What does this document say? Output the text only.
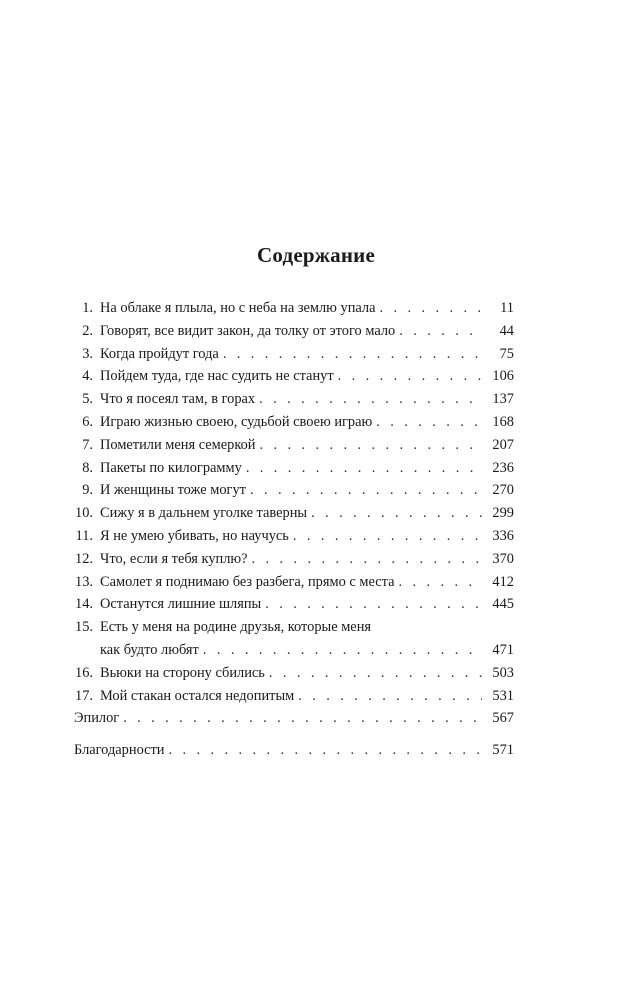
Содержание
1. На облаке я плыла, но с неба на землю упала . . .	11
2. Говорят, все видит закон, да толку от этого мало . . .	44
3. Когда пройдут года . . .	75
4. Пойдем туда, где нас судить не станут . . .	106
5. Что я посеял там, в горах . . .	137
6. Играю жизнью своею, судьбой своею играю . . .	168
7. Пометили меня семеркой . . .	207
8. Пакеты по килограмму . . .	236
9. И женщины тоже могут . . .	270
10. Сижу я в дальнем уголке таверны . . .	299
11. Я не умею убивать, но научусь . . .	336
12. Что, если я тебя куплю? . . .	370
13. Самолет я поднимаю без разбега, прямо с места . . .	412
14. Останутся лишние шляпы . . .	445
15. Есть у меня на родине друзья, которые меня
как будто любят . . .	471
16. Вьюки на сторону сбились . . .	503
17. Мой стакан остался недопитым . . .	531
Эпилог . . .	567
Благодарности . . .	571
